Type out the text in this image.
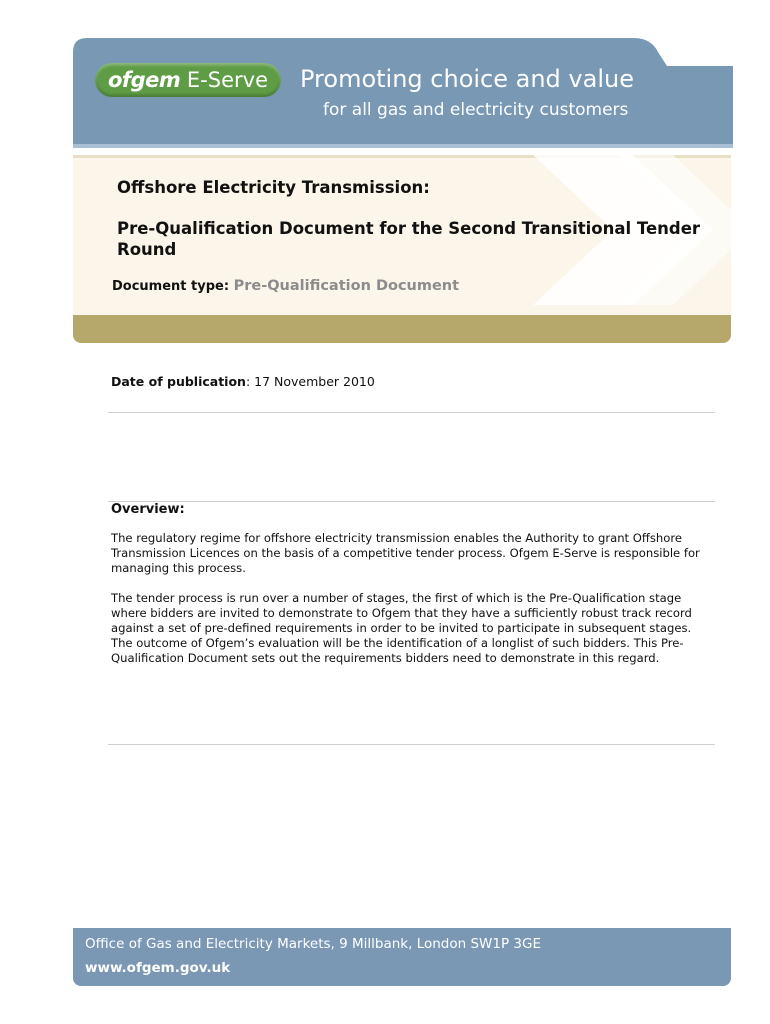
ofgem E-Serve	Promoting choice and value
for all gas and electricity customers
Offshore Electricity Transmission:
Pre-Qualification Document for the Second Transitional Tender Round
Document type: Pre-Qualification Document
Date of publication: 17 November 2010
Overview:

The regulatory regime for offshore electricity transmission enables the Authority to grant Offshore Transmission Licences on the basis of a competitive tender process. Ofgem E-Serve is responsible for managing this process.

The tender process is run over a number of stages, the first of which is the Pre-Qualification stage where bidders are invited to demonstrate to Ofgem that they have a sufficiently robust track record against a set of pre-defined requirements in order to be invited to participate in subsequent stages. The outcome of Ofgem’s evaluation will be the identification of a longlist of such bidders. This Pre-Qualification Document sets out the requirements bidders need to demonstrate in this regard.

Office of Gas and Electricity Markets, 9 Millbank, London SW1P 3GE
www.ofgem.gov.uk
